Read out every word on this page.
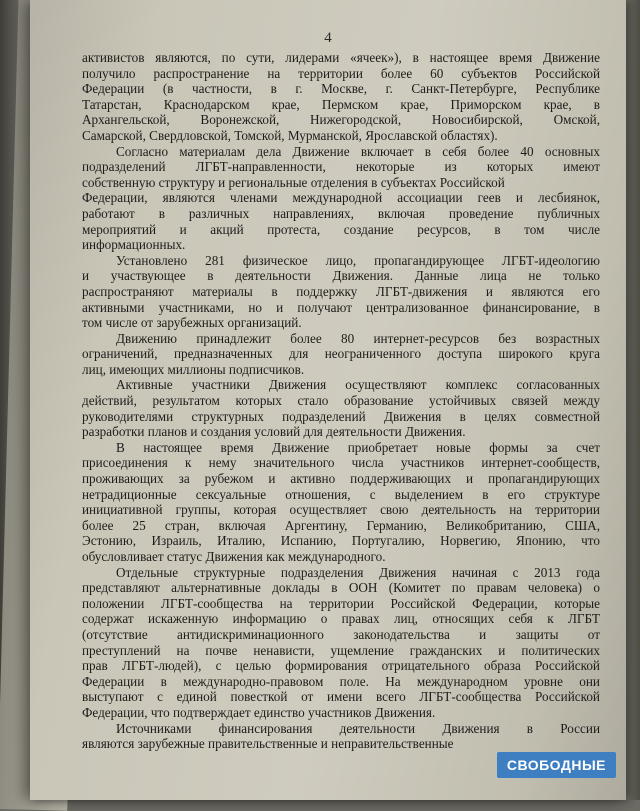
4
активистов являются, по сути, лидерами «ячеек»), в настоящее время Движение
получило распространение на территории более 60 субъектов Российской
Федерации (в частности, в г. Москве, г. Санкт-Петербурге, Республике
Татарстан, Краснодарском крае, Пермском крае, Приморском крае, в
Архангельской, Воронежской, Нижегородской, Новосибирской, Омской,
Самарской, Свердловской, Томской, Мурманской, Ярославской областях).
Согласно материалам дела Движение включает в себя более 40 основных
подразделений ЛГБТ-направленности, некоторые из которых имеют
собственную структуру и региональные отделения в субъектах Российской
Федерации, являются членами международной ассоциации геев и лесбиянок,
работают в различных направлениях, включая проведение публичных
мероприятий и акций протеста, создание ресурсов, в том числе
информационных.
Установлено 281 физическое лицо, пропагандирующее ЛГБТ-идеологию
и участвующее в деятельности Движения. Данные лица не только
распространяют материалы в поддержку ЛГБТ-движения и являются его
активными участниками, но и получают централизованное финансирование, в
том числе от зарубежных организаций.
Движению принадлежит более 80 интернет-ресурсов без возрастных
ограничений, предназначенных для неограниченного доступа широкого круга
лиц, имеющих миллионы подписчиков.
Активные участники Движения осуществляют комплекс согласованных
действий, результатом которых стало образование устойчивых связей между
руководителями структурных подразделений Движения в целях совместной
разработки планов и создания условий для деятельности Движения.
В настоящее время Движение приобретает новые формы за счет
присоединения к нему значительного числа участников интернет-сообществ,
проживающих за рубежом и активно поддерживающих и пропагандирующих
нетрадиционные сексуальные отношения, с выделением в его структуре
инициативной группы, которая осуществляет свою деятельность на территории
более 25 стран, включая Аргентину, Германию, Великобританию, США,
Эстонию, Израиль, Италию, Испанию, Португалию, Норвегию, Японию, что
обусловливает статус Движения как международного.
Отдельные структурные подразделения Движения начиная с 2013 года
представляют альтернативные доклады в ООН (Комитет по правам человека) о
положении ЛГБТ-сообщества на территории Российской Федерации, которые
содержат искаженную информацию о правах лиц, относящих себя к ЛГБТ
(отсутствие антидискриминационного законодательства и защиты от
преступлений на почве ненависти, ущемление гражданских и политических
прав ЛГБТ-людей), с целью формирования отрицательного образа Российской
Федерации в международно-правовом поле. На международном уровне они
выступают с единой повесткой от имени всего ЛГБТ-сообщества Российской
Федерации, что подтверждает единство участников Движения.
Источниками финансирования деятельности Движения в России
являются зарубежные правительственные и неправительственные
СВОБОДНЫЕ
